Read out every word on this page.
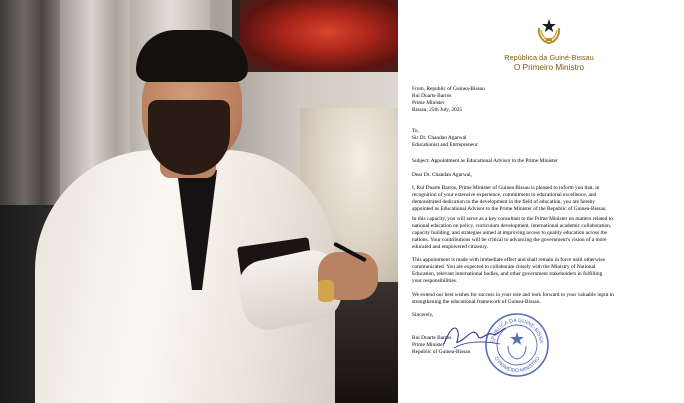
República da Guiné-Bissau
O Primeiro Ministro
From, Republic of Guinea-Bissau
Rui Duarte Barros
Prime Minister
Bissau, 25th July, 2025
To,
Sir Dr. Chandan Agarwal
Educationist and Entrepreneur
Subject: Appointment as Educational Advisor to the Prime Minister
Dear Dr. Chandan Agarwal,
I, Rui Duarte Barros, Prime Minister of Guinea Bissau is pleased to inform you that, in
recognition of your extensive experience, commitment to educational excellence, and
demonstrated dedication to the development in the field of education, you are hereby
appointed as Educational Advisor to the Prime Minister of the Republic of Guinea-Bissau.
In this capacity, you will serve as a key consultant to the Prime Minister on matters related to
national education on policy, curriculum development, international academic collaboration,
capacity building, and strategies aimed at improving access to quality education across the
nations. Your contributions will be critical to advancing the government's vision of a more
educated and empowered citizenry.
This appointment is made with immediate effect and shall remain in force until otherwise
communicated. You are expected to collaborate closely with the Ministry of National
Education, relevant international bodies, and other government stakeholders in fulfilling
your responsibilities.
We extend our best wishes for success in your role and look forward to your valuable input in
strengthening the educational framework of Guinea-Bissau.
Sincerely,
Rui Duarte Barros
Prime Minister
Republic of Guinea-Bissau
EPUBLICA DA GUINÉ-BISSA
O PRIMEIRO MINISTRO
